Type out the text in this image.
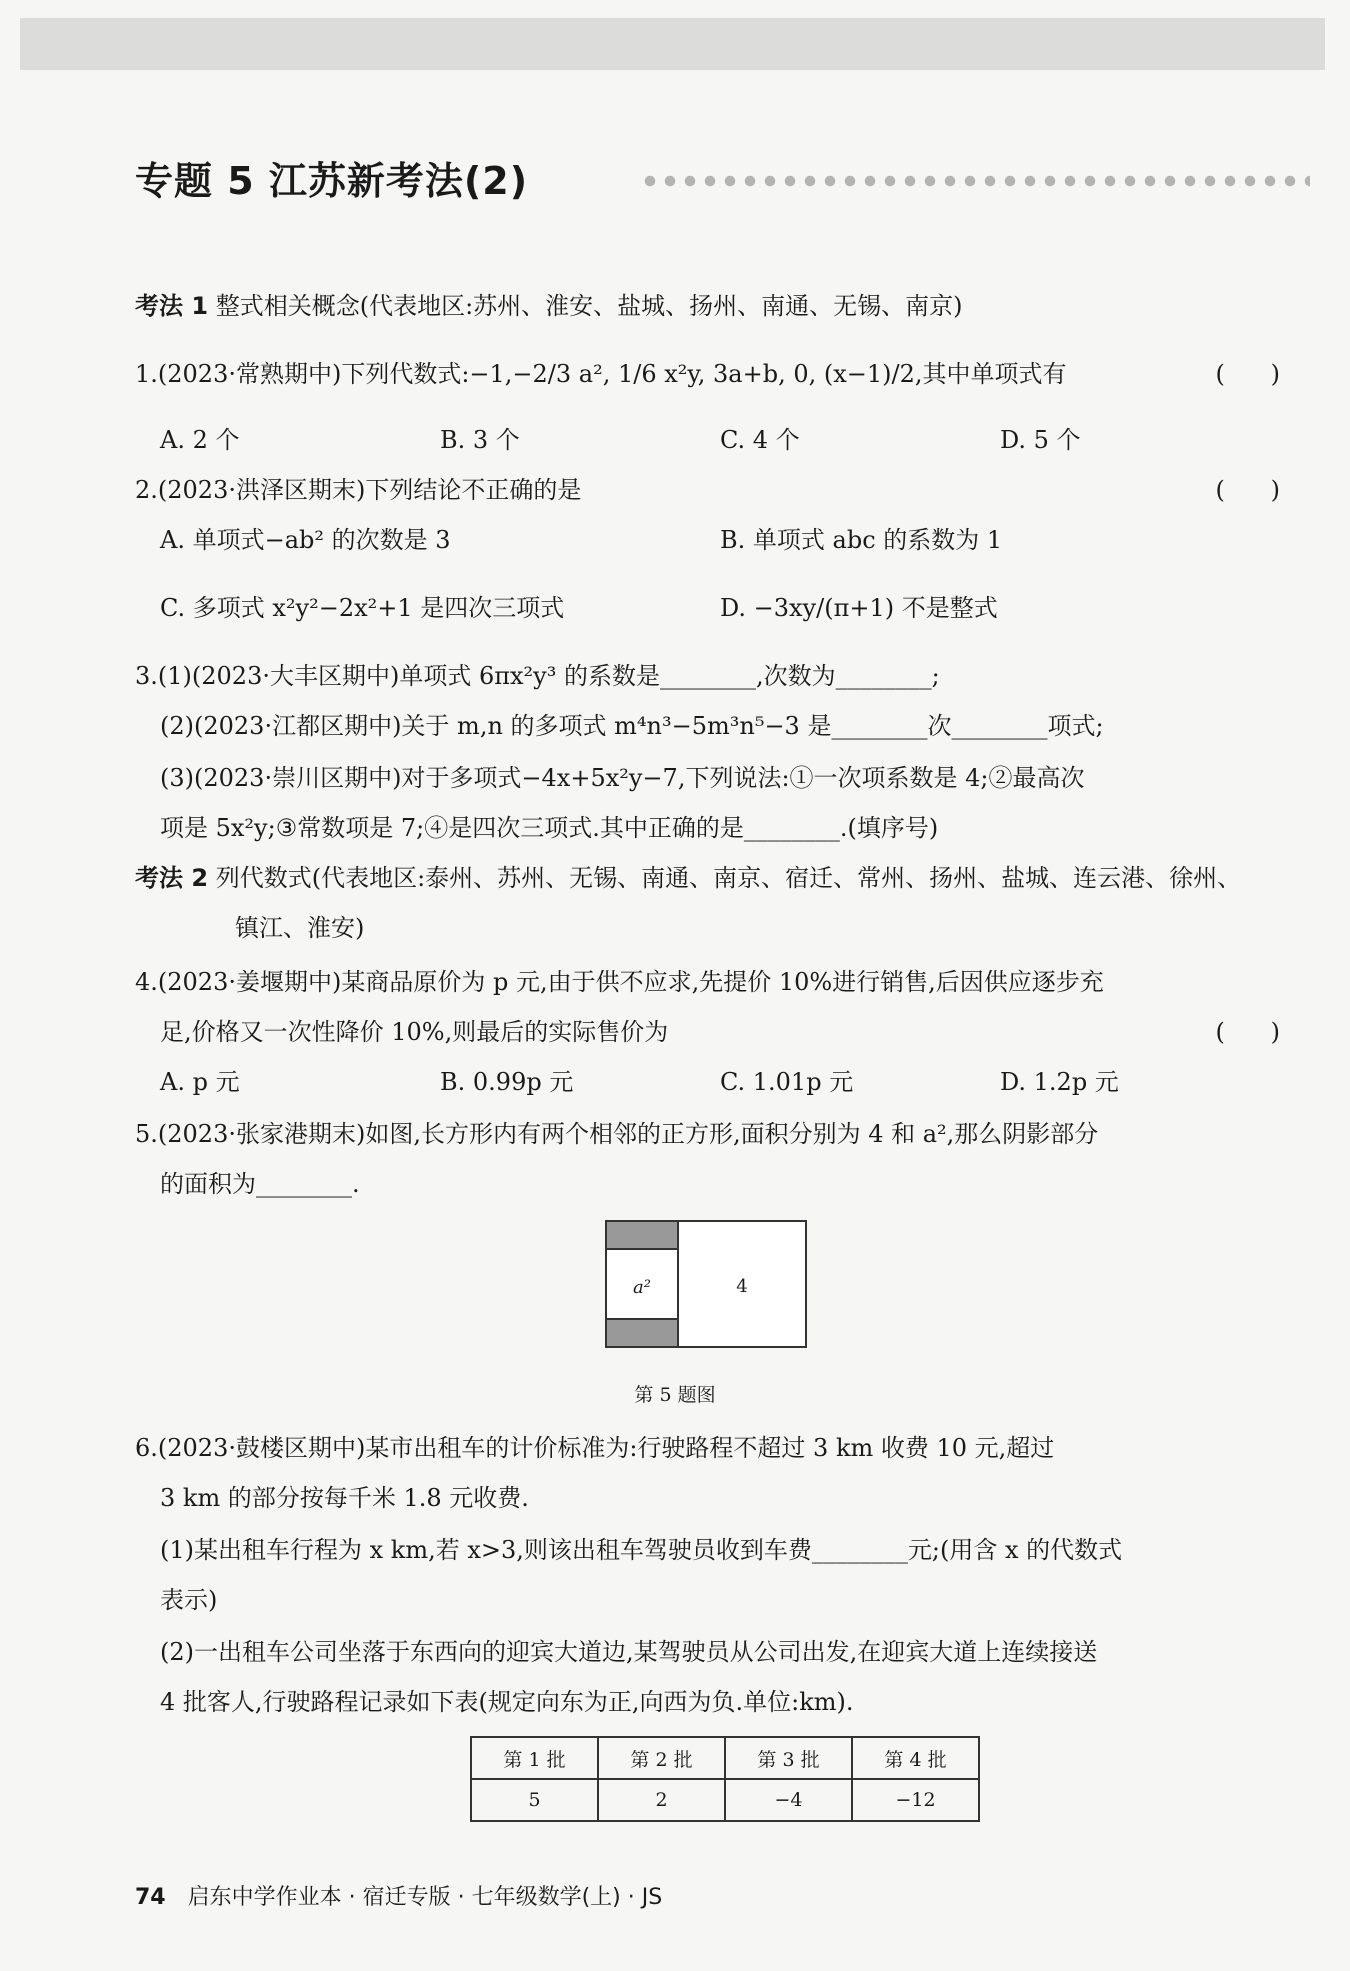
专题 5 江苏新考法(2)
考法 1 整式相关概念(代表地区:苏州、淮安、盐城、扬州、南通、无锡、南京)
1.(2023·常熟期中)下列代数式:−1,−2/3 a², 1/6 x²y, 3a+b, 0, (x−1)/2,其中单项式有	(      )
A. 2 个	B. 3 个	C. 4 个	D. 5 个
2.(2023·洪泽区期末)下列结论不正确的是	(      )
A. 单项式−ab² 的次数是 3	B. 单项式 abc 的系数为 1
C. 多项式 x²y²−2x²+1 是四次三项式	D. −3xy/(π+1) 不是整式
3.(1)(2023·大丰区期中)单项式 6πx²y³ 的系数是________,次数为________;
(2)(2023·江都区期中)关于 m,n 的多项式 m⁴n³−5m³n⁵−3 是________次________项式;
(3)(2023·崇川区期中)对于多项式−4x+5x²y−7,下列说法:①一次项系数是 4;②最高次
项是 5x²y;③常数项是 7;④是四次三项式.其中正确的是________.(填序号)
考法 2 列代数式(代表地区:泰州、苏州、无锡、南通、南京、宿迁、常州、扬州、盐城、连云港、徐州、
镇江、淮安)
4.(2023·姜堰期中)某商品原价为 p 元,由于供不应求,先提价 10%进行销售,后因供应逐步充
足,价格又一次性降价 10%,则最后的实际售价为	(      )
A. p 元	B. 0.99p 元	C. 1.01p 元	D. 1.2p 元
5.(2023·张家港期末)如图,长方形内有两个相邻的正方形,面积分别为 4 和 a²,那么阴影部分
的面积为________.
a²	4
第 5 题图
6.(2023·鼓楼区期中)某市出租车的计价标准为:行驶路程不超过 3 km 收费 10 元,超过
3 km 的部分按每千米 1.8 元收费.
(1)某出租车行程为 x km,若 x>3,则该出租车驾驶员收到车费________元;(用含 x 的代数式
表示)
(2)一出租车公司坐落于东西向的迎宾大道边,某驾驶员从公司出发,在迎宾大道上连续接送
4 批客人,行驶路程记录如下表(规定向东为正,向西为负.单位:km).
第 1 批	第 2 批	第 3 批	第 4 批
5	2	−4	−12
74 启东中学作业本 · 宿迁专版 · 七年级数学(上) · JS
